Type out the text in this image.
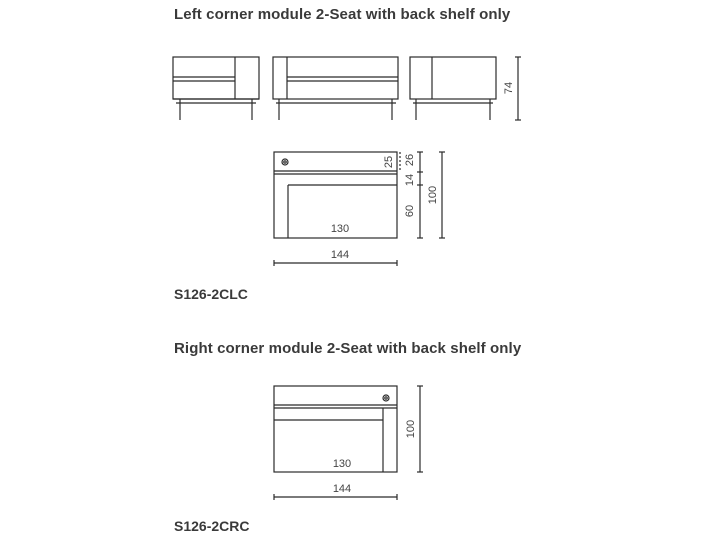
Left corner module 2-Seat with back shelf only
74
25 26
14
60
100
130
144
100
130
144
S126-2CLC
Right corner module 2-Seat with back shelf only
S126-2CRC
